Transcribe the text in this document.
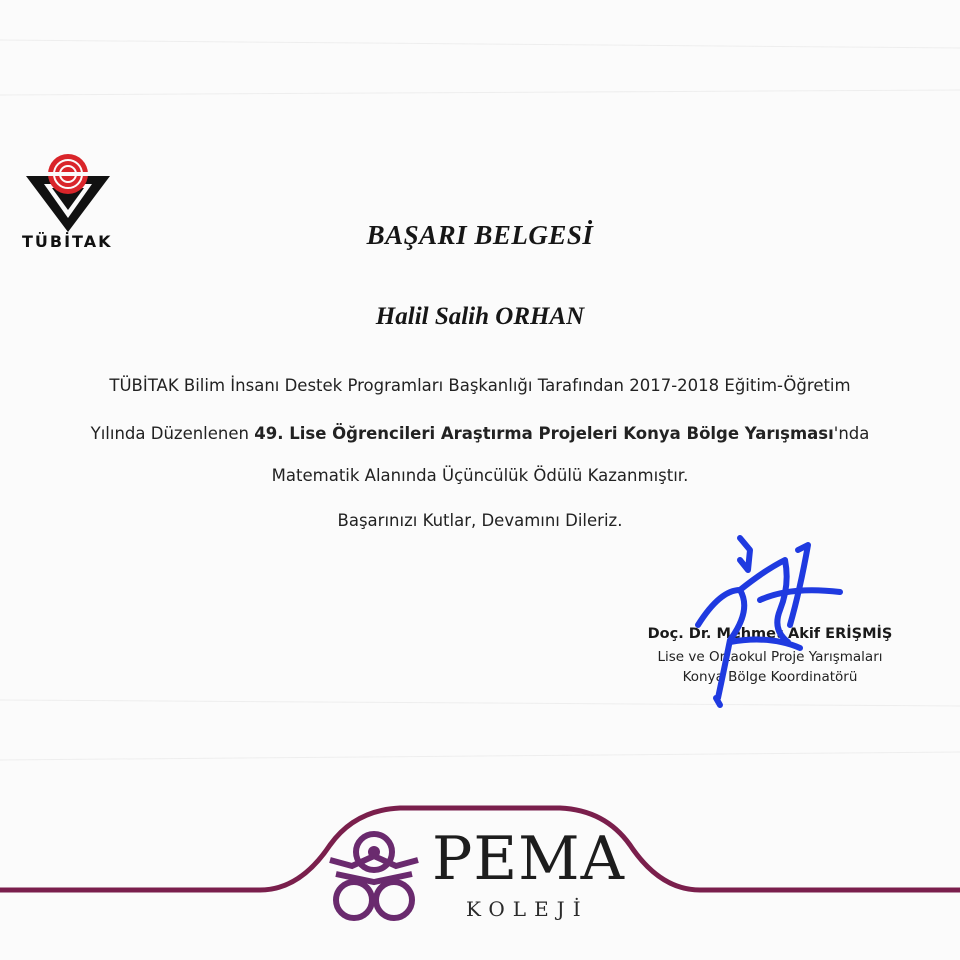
TÜBİTAK	BAŞARI BELGESİ
Halil Salih ORHAN
TÜBİTAK Bilim İnsanı Destek Programları Başkanlığı Tarafından 2017-2018 Eğitim-Öğretim
Yılında Düzenlenen 49. Lise Öğrencileri Araştırma Projeleri Konya Bölge Yarışması'nda
Matematik Alanında Üçüncülük Ödülü Kazanmıştır.
Başarınızı Kutlar, Devamını Dileriz.
Doç. Dr. Mehmet Akif ERİŞMİŞ
Lise ve Ortaokul Proje Yarışmaları
Konya Bölge Koordinatörü
PEMA
KOLEJİ
